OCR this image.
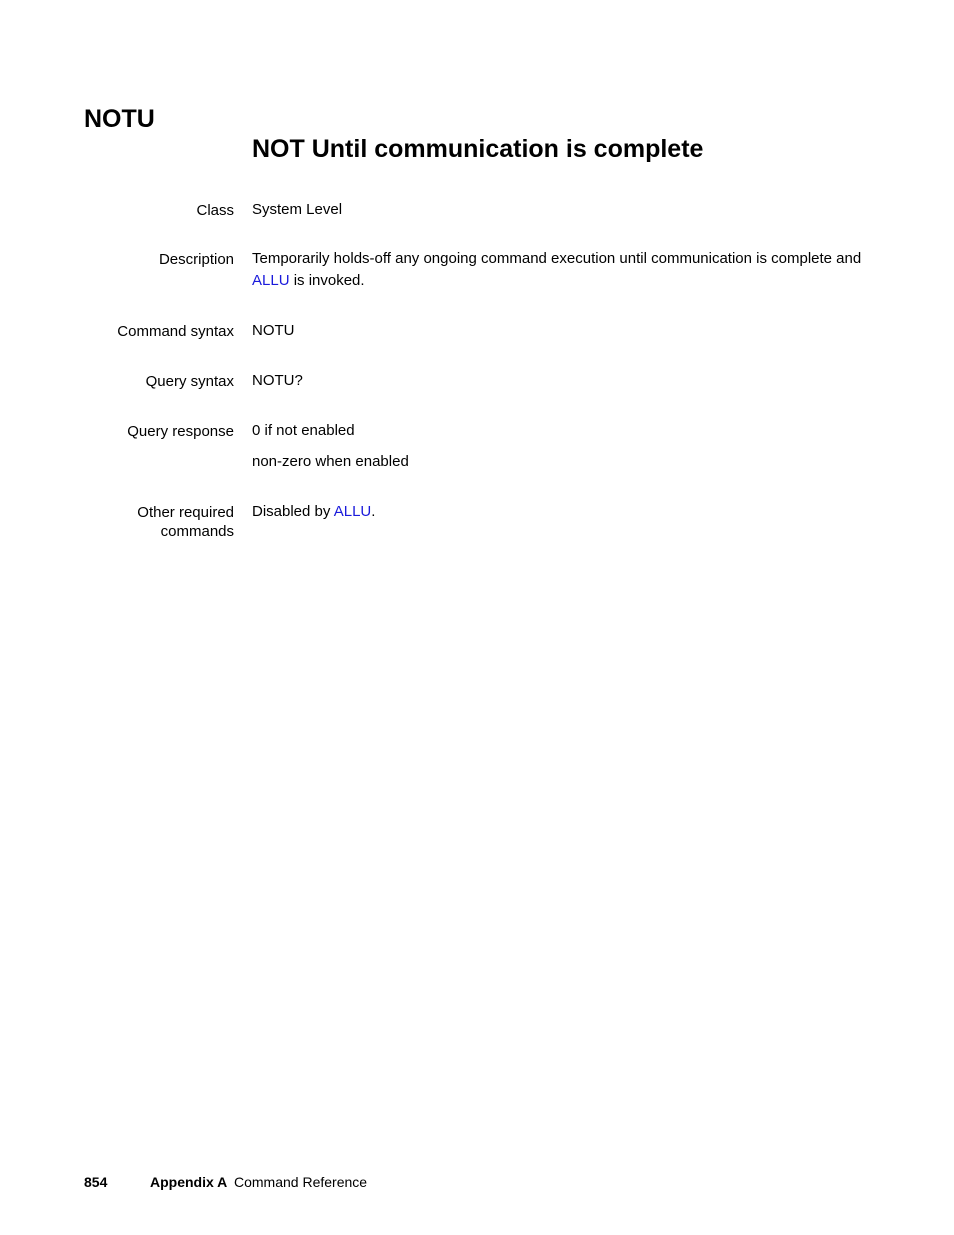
NOTU
NOT Until communication is complete
Class System Level

Description Temporarily holds-off any ongoing command execution until communication is complete and ALLU is invoked.

Command syntax NOTU

Query syntax NOTU?

Query response 0 if not enabled

non-zero when enabled

Other required
commands

Disabled by ALLU.

854	Appendix A Command Reference
